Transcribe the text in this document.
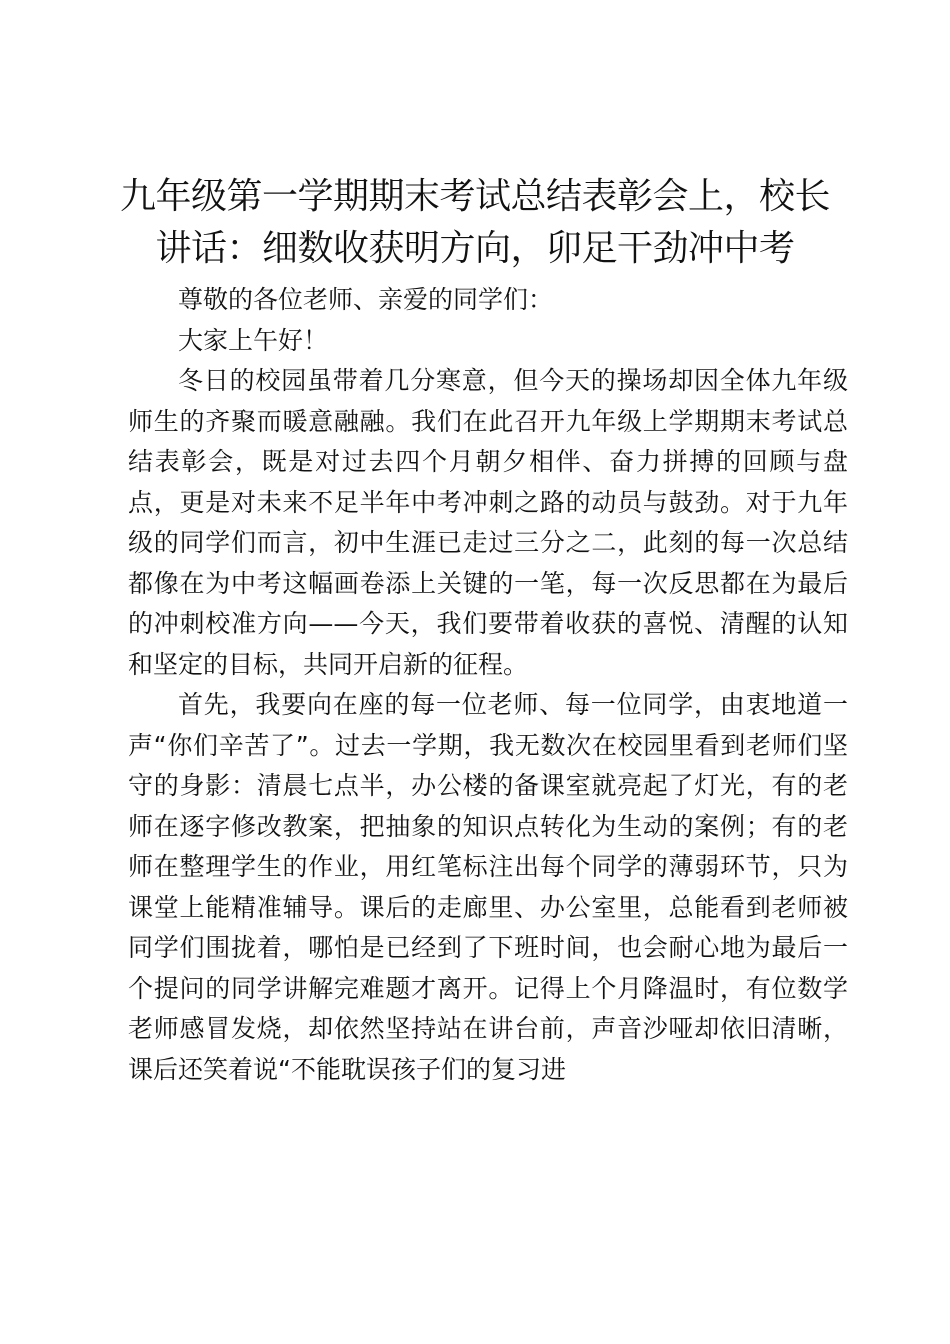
九年级第一学期期末考试总结表彰会上，校长讲话：细数收获明方向，卯足干劲冲中考

尊敬的各位老师、亲爱的同学们：

大家上午好！

冬日的校园虽带着几分寒意，但今天的操场却因全体九年级师生的齐聚而暖意融融。我们在此召开九年级上学期期末考试总结表彰会，既是对过去四个月朝夕相伴、奋力拼搏的回顾与盘点，更是对未来不足半年中考冲刺之路的动员与鼓劲。对于九年级的同学们而言，初中生涯已走过三分之二，此刻的每一次总结都像在为中考这幅画卷添上关键的一笔，每一次反思都在为最后的冲刺校准方向——今天，我们要带着收获的喜悦、清醒的认知和坚定的目标，共同开启新的征程。

首先，我要向在座的每一位老师、每一位同学，由衷地道一声“你们辛苦了”。过去一学期，我无数次在校园里看到老师们坚守的身影：清晨七点半，办公楼的备课室就亮起了灯光，有的老师在逐字修改教案，把抽象的知识点转化为生动的案例；有的老师在整理学生的作业，用红笔标注出每个同学的薄弱环节，只为课堂上能精准辅导。课后的走廊里、办公室里，总能看到老师被同学们围拢着，哪怕是已经到了下班时间，也会耐心地为最后一个提问的同学讲解完难题才离开。记得上个月降温时，有位数学老师感冒发烧，却依然坚持站在讲台前，声音沙哑却依旧清晰，课后还笑着说“不能耽误孩子们的复习进
